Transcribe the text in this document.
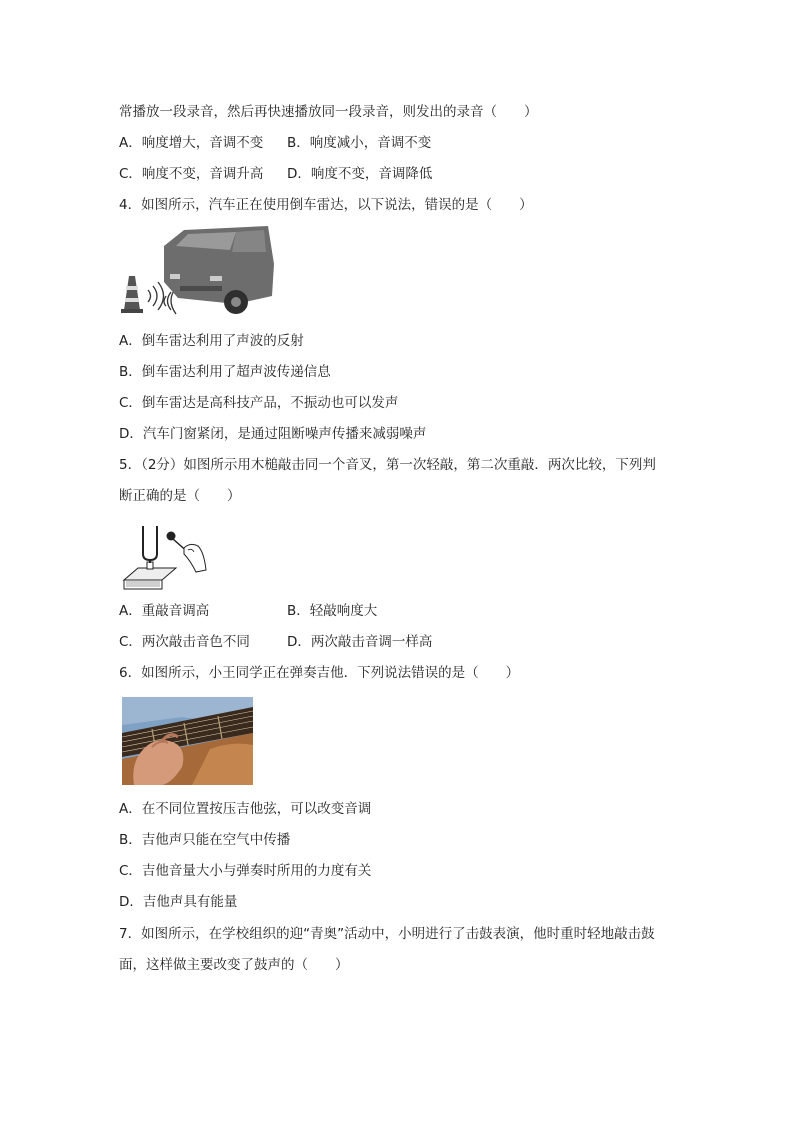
常播放一段录音，然后再快速播放同一段录音，则发出的录音（　　）
A．响度增大，音调不变 B．响度减小，音调不变
C．响度不变，音调升高 D．响度不变，音调降低
4．如图所示，汽车正在使用倒车雷达，以下说法，错误的是（　　）
A．倒车雷达利用了声波的反射
B．倒车雷达利用了超声波传递信息
C．倒车雷达是高科技产品，不振动也可以发声
D．汽车门窗紧闭，是通过阻断噪声传播来减弱噪声
5．（2分）如图所示用木槌敲击同一个音叉，第一次轻敲，第二次重敲．两次比较，下列判
断正确的是（　　）
A．重敲音调高	B．轻敲响度大
C．两次敲击音色不同	D．两次敲击音调一样高
6．如图所示，小王同学正在弹奏吉他．下列说法错误的是（　　）
A．在不同位置按压吉他弦，可以改变音调
B．吉他声只能在空气中传播
C．吉他音量大小与弹奏时所用的力度有关
D．吉他声具有能量
7．如图所示，在学校组织的迎“青奥”活动中，小明进行了击鼓表演，他时重时轻地敲击鼓
面，这样做主要改变了鼓声的（　　）
